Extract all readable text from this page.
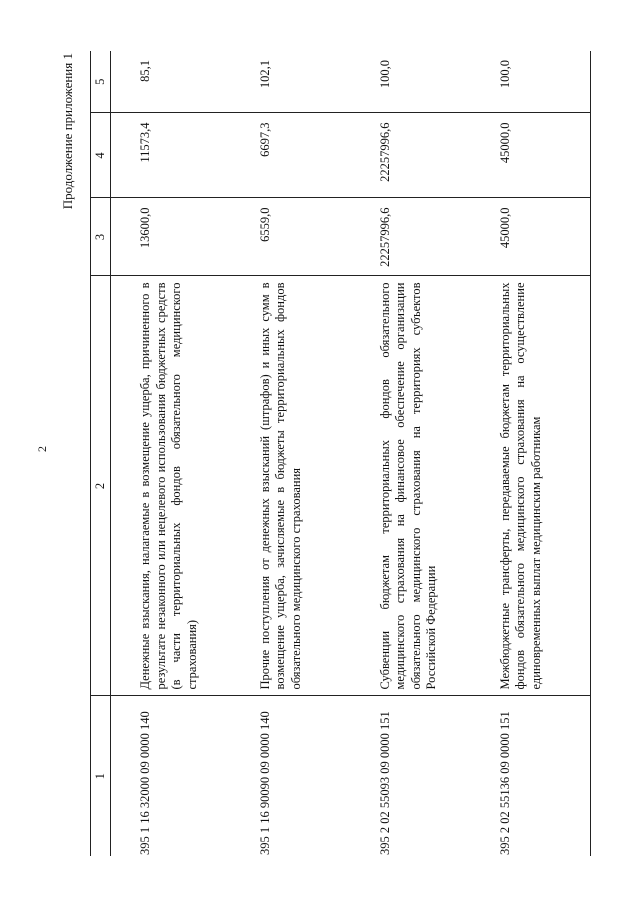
2
Продолжение приложения 1
1	2	3	4	5
395 1 16 32000 09 0000 140	Денежные взыскания, налагаемые в возмещение ущерба, причиненного в результате незаконного или нецелевого использования бюджетных средств (в части территориальных фондов обязательного медицинского страхования)	13600,0	11573,4	85,1
395 1 16 90090 09 0000 140	Прочие поступления от денежных взысканий (штрафов) и иных сумм в возмещение ущерба, зачисляемые в бюджеты территориальных фондов обязательного медицинского страхования	6559,0	6697,3	102,1
395 2 02 55093 09 0000 151	Субвенции бюджетам территориальных фондов обязательного медицинского страхования на финансовое обеспечение организации обязательного медицинского страхования на территориях субъектов Российской Федерации	22257996,6	22257996,6	100,0
395 2 02 55136 09 0000 151	Межбюджетные трансферты, передаваемые бюджетам территориальных фондов обязательного медицинского страхования на осуществление единовременных выплат медицинским работникам	45000,0	45000,0	100,0
